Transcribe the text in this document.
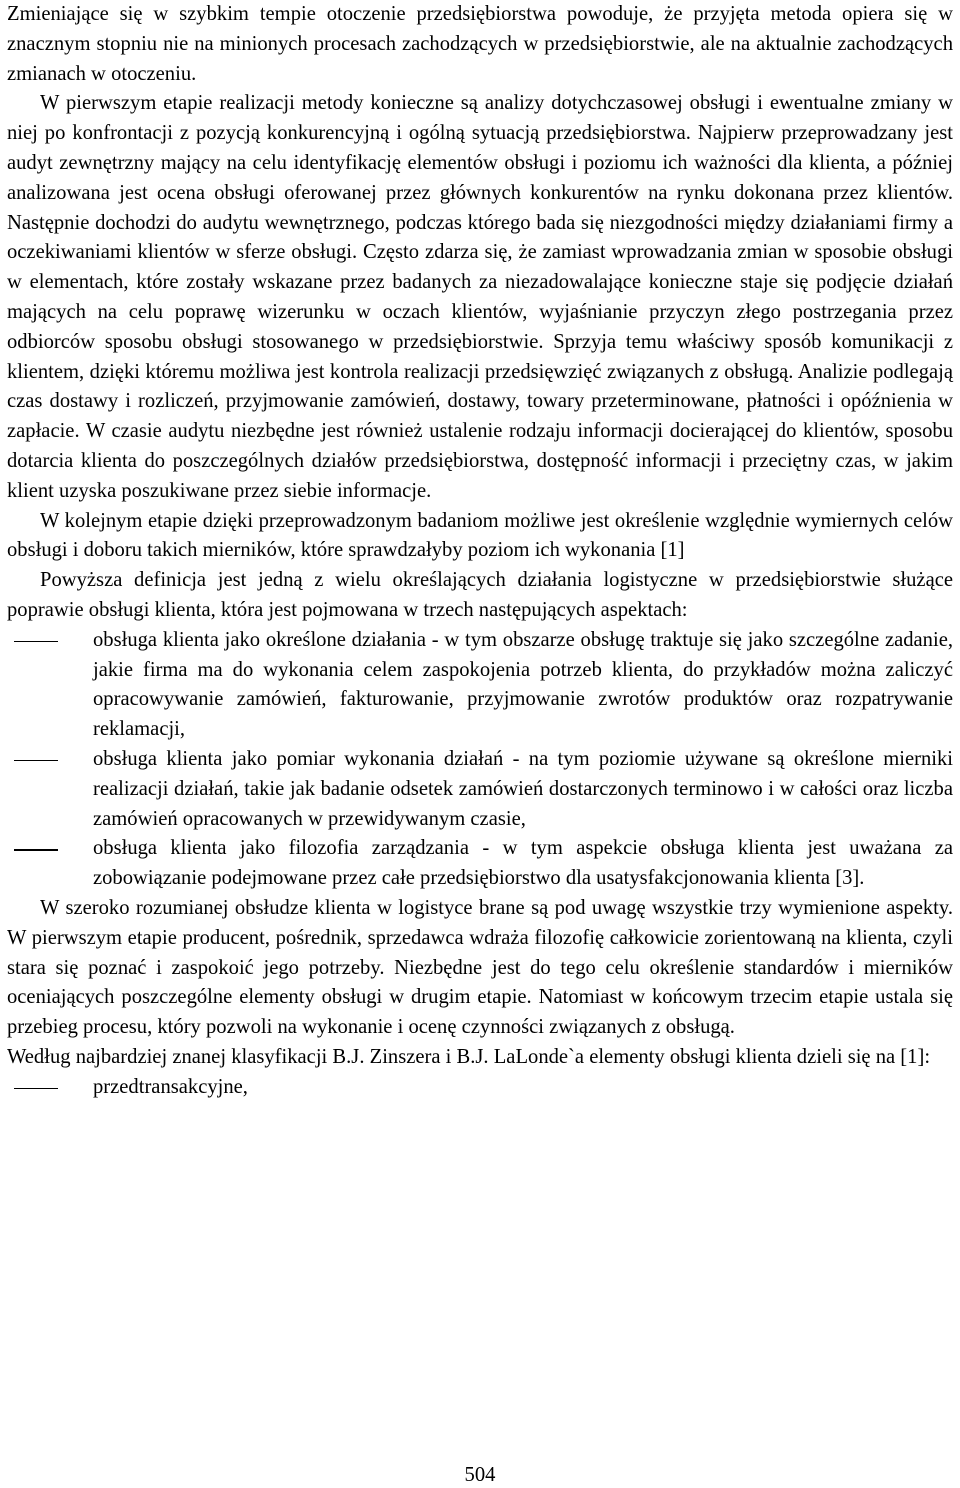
Zmieniające się w szybkim tempie otoczenie przedsiębiorstwa powoduje, że przyjęta metoda opiera się w znacznym stopniu nie na minionych procesach zachodzących w przedsiębiorstwie, ale na aktualnie zachodzących zmianach w otoczeniu.

W pierwszym etapie realizacji metody konieczne są analizy dotychczasowej obsługi i ewentualne zmiany w niej po konfrontacji z pozycją konkurencyjną i ogólną sytuacją przedsiębiorstwa. Najpierw przeprowadzany jest audyt zewnętrzny mający na celu identyfikację elementów obsługi i poziomu ich ważności dla klienta, a później analizowana jest ocena obsługi oferowanej przez głównych konkurentów na rynku dokonana przez klientów. Następnie dochodzi do audytu wewnętrznego, podczas którego bada się niezgodności między działaniami firmy a oczekiwaniami klientów w sferze obsługi. Często zdarza się, że zamiast wprowadzania zmian w sposobie obsługi w elementach, które zostały wskazane przez badanych za niezadowalające konieczne staje się podjęcie działań mających na celu poprawę wizerunku w oczach klientów, wyjaśnianie przyczyn złego postrzegania przez odbiorców sposobu obsługi stosowanego w przedsiębiorstwie. Sprzyja temu właściwy sposób komunikacji z klientem, dzięki któremu możliwa jest kontrola realizacji przedsięwzięć związanych z obsługą. Analizie podlegają czas dostawy i rozliczeń, przyjmowanie zamówień, dostawy, towary przeterminowane, płatności i opóźnienia w zapłacie. W czasie audytu niezbędne jest również ustalenie rodzaju informacji docierającej do klientów, sposobu dotarcia klienta do poszczególnych działów przedsiębiorstwa, dostępność informacji i przeciętny czas, w jakim klient uzyska poszukiwane przez siebie informacje.

W kolejnym etapie dzięki przeprowadzonym badaniom możliwe jest określenie względnie wymiernych celów obsługi i doboru takich mierników, które sprawdzałyby poziom ich wykonania [1]

Powyższa definicja jest jedną z wielu określających działania logistyczne w przedsiębiorstwie służące poprawie obsługi klienta, która jest pojmowana w trzech następujących aspektach:

obsługa klienta jako określone działania - w tym obszarze obsługę traktuje się jako szczególne zadanie, jakie firma ma do wykonania celem zaspokojenia potrzeb klienta, do przykładów można zaliczyć opracowywanie zamówień, fakturowanie, przyjmowanie zwrotów produktów oraz rozpatrywanie reklamacji,
obsługa klienta jako pomiar wykonania działań - na tym poziomie używane są określone mierniki realizacji działań, takie jak badanie odsetek zamówień dostarczonych terminowo i w całości oraz liczba zamówień opracowanych w przewidywanym czasie,
obsługa klienta jako filozofia zarządzania - w tym aspekcie obsługa klienta jest uważana za zobowiązanie podejmowane przez całe przedsiębiorstwo dla usatysfakcjonowania klienta [3].

W szeroko rozumianej obsłudze klienta w logistyce brane są pod uwagę wszystkie trzy wymienione aspekty. W pierwszym etapie producent, pośrednik, sprzedawca wdraża filozofię całkowicie zorientowaną na klienta, czyli stara się poznać i zaspokoić jego potrzeby. Niezbędne jest do tego celu określenie standardów i mierników oceniających poszczególne elementy obsługi w drugim etapie. Natomiast w końcowym trzecim etapie ustala się przebieg procesu, który pozwoli na wykonanie i ocenę czynności związanych z obsługą.

Według najbardziej znanej klasyfikacji B.J. Zinszera i B.J. LaLonde`a elementy obsługi klienta dzieli się na [1]:

przedtransakcyjne,
504
